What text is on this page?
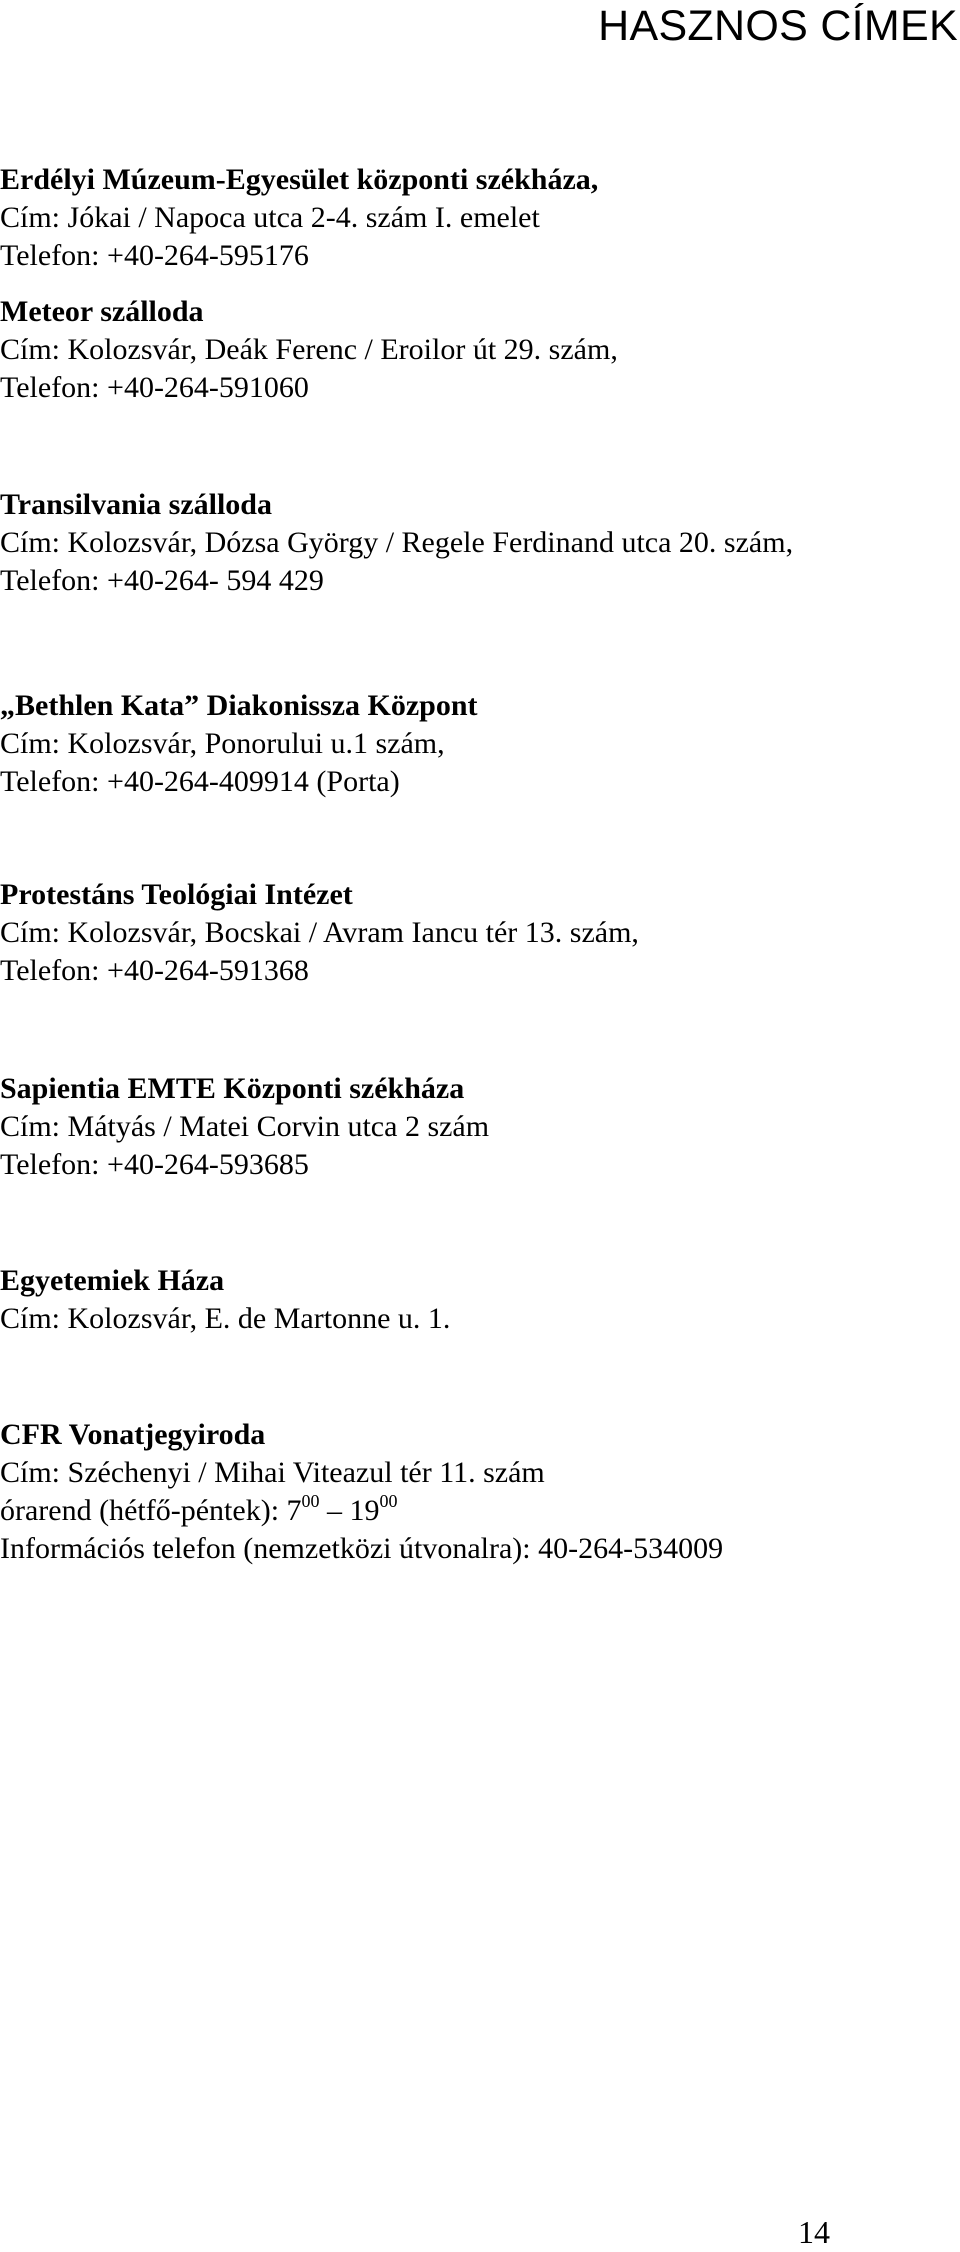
HASZNOS CÍMEK
Erdélyi Múzeum-Egyesület központi székháza,
Cím: Jókai / Napoca utca 2-4. szám I. emelet
Telefon: +40-264-595176
Meteor szálloda
Cím: Kolozsvár, Deák Ferenc / Eroilor út 29. szám,
Telefon: +40-264-591060
Transilvania szálloda
Cím: Kolozsvár, Dózsa György / Regele Ferdinand utca 20. szám,
Telefon: +40-264- 594 429
„Bethlen Kata” Diakonissza Központ
Cím: Kolozsvár, Ponorului u.1 szám,
Telefon: +40-264-409914 (Porta)
Protestáns Teológiai Intézet
Cím: Kolozsvár, Bocskai / Avram Iancu tér 13. szám,
Telefon: +40-264-591368
Sapientia EMTE Központi székháza
Cím: Mátyás / Matei Corvin utca 2 szám
Telefon: +40-264-593685
Egyetemiek Háza
Cím: Kolozsvár, E. de Martonne u. 1.
CFR Vonatjegyiroda
Cím: Széchenyi / Mihai Viteazul tér 11. szám
órarend (hétfő-péntek): $7^{00} - 19^{00}$
Információs telefon (nemzetközi útvonalra): 40-264-534009
14
